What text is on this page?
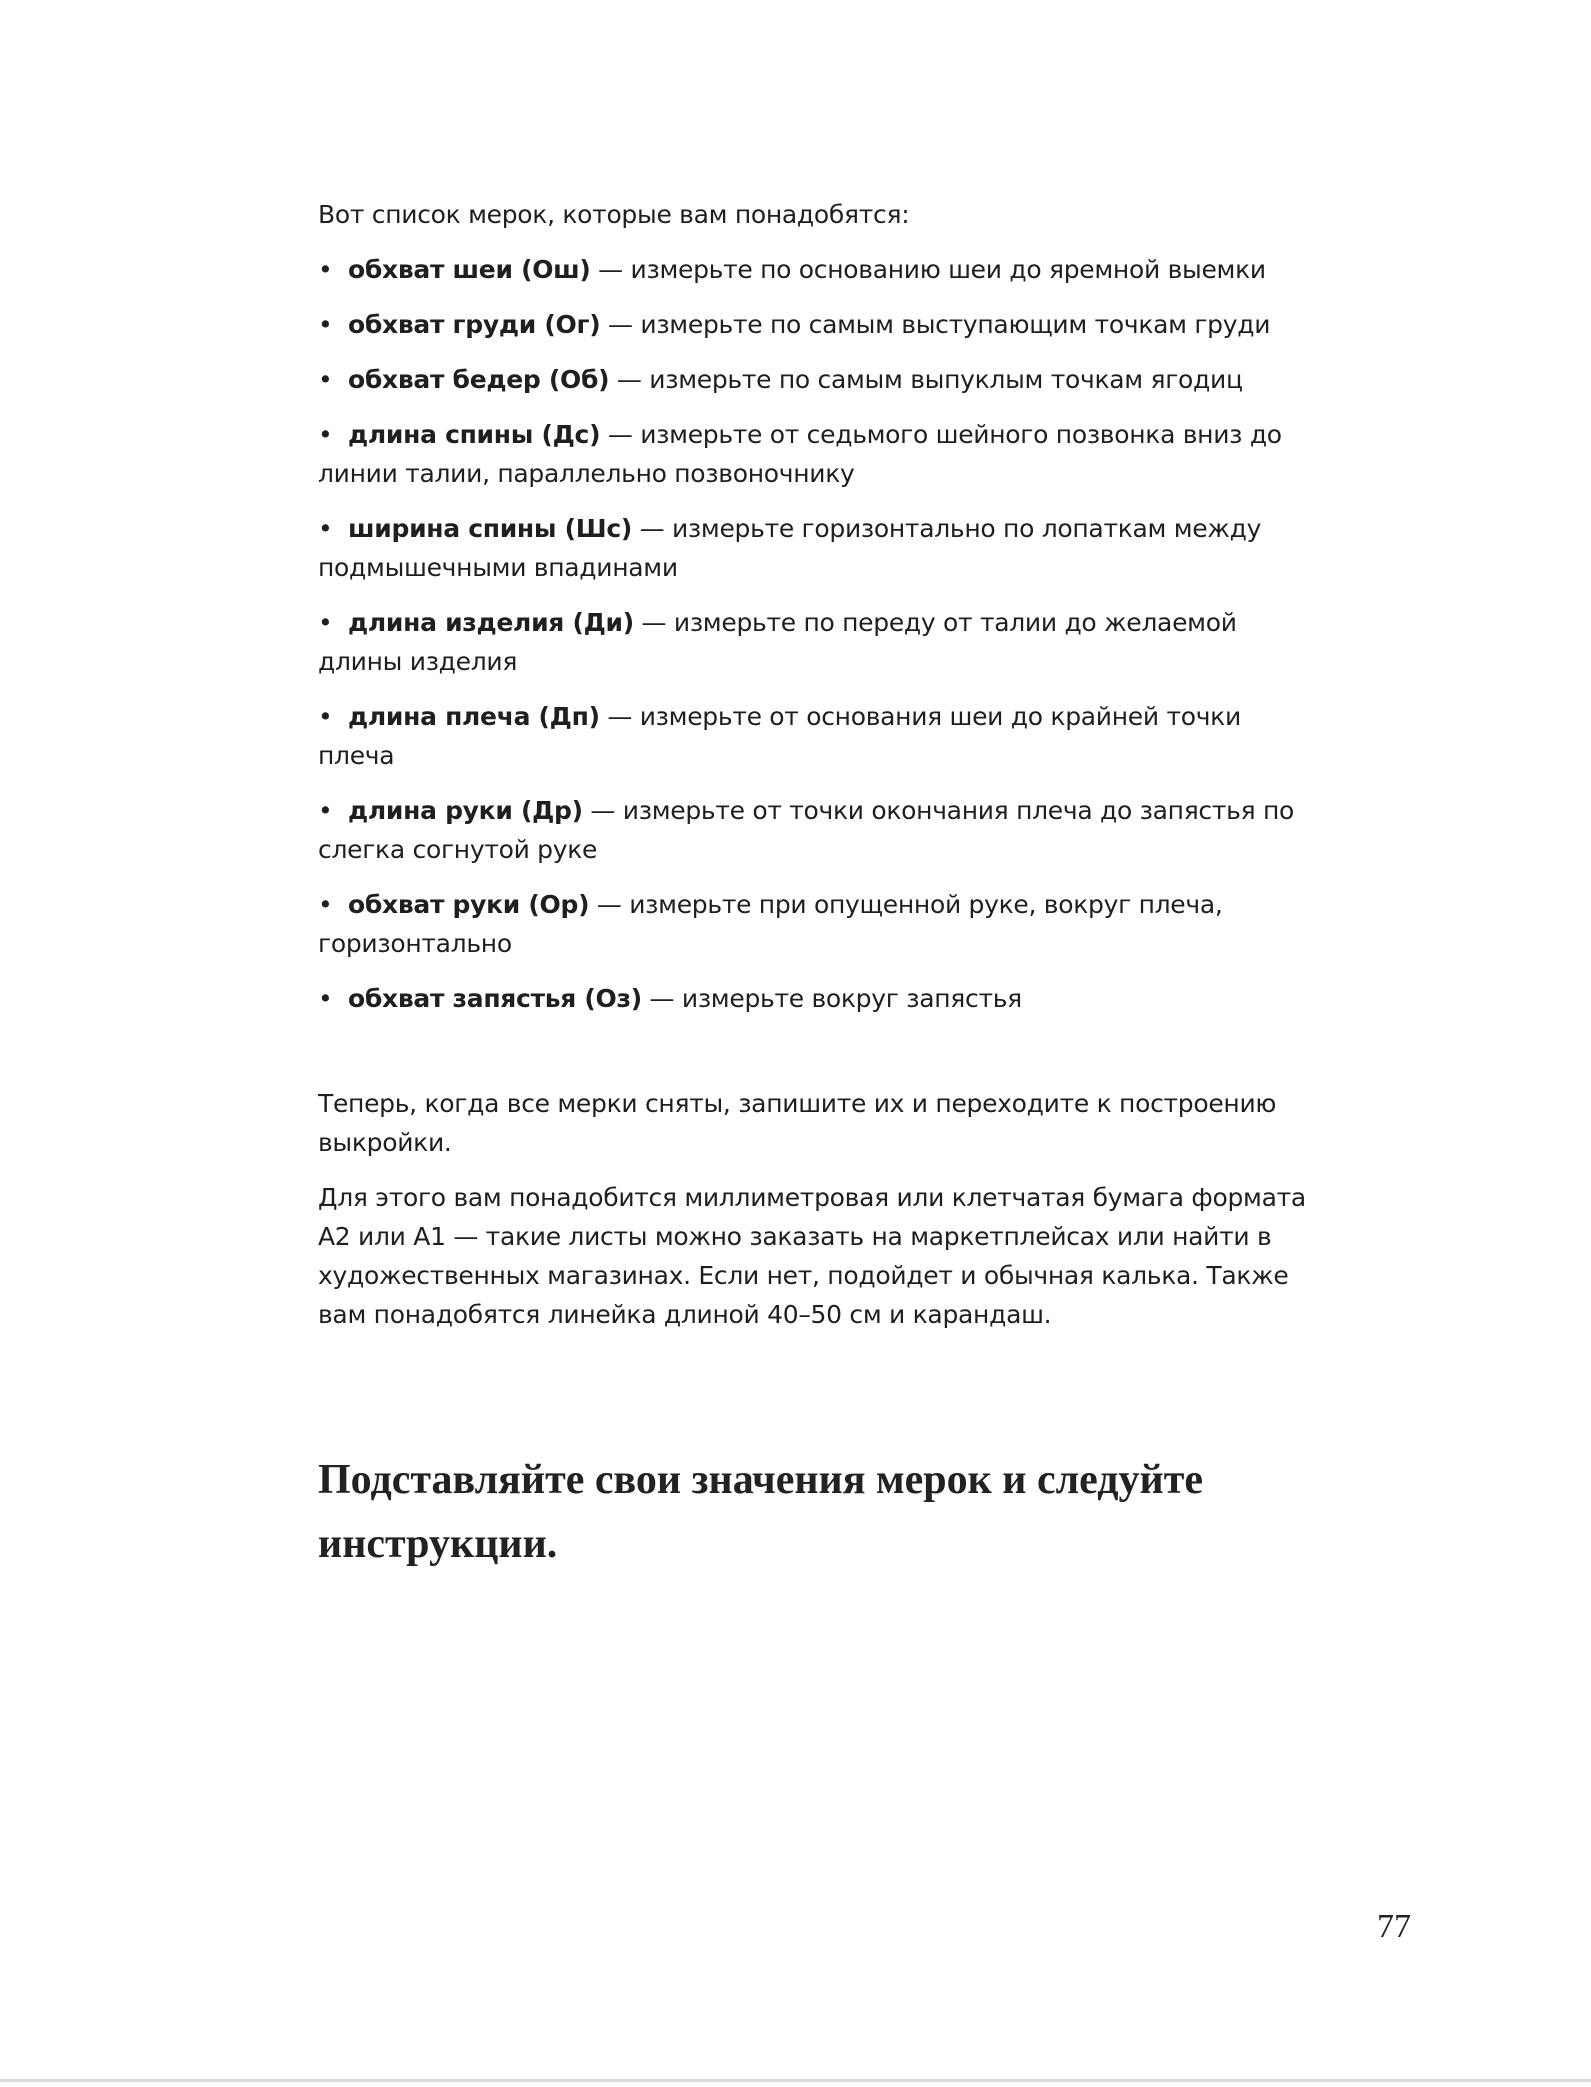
Вот список мерок, которые вам понадобятся:

• обхват шеи (Ош) — измерьте по основанию шеи до яремной выемки
• обхват груди (Ог) — измерьте по самым выступающим точкам груди
• обхват бедер (Об) — измерьте по самым выпуклым точкам ягодиц
• длина спины (Дс) — измерьте от седьмого шейного позвонка вниз до линии талии, параллельно позвоночнику
• ширина спины (Шс) — измерьте горизонтально по лопаткам между подмышечными впадинами
• длина изделия (Ди) — измерьте по переду от талии до желаемой длины изделия
• длина плеча (Дп) — измерьте от основания шеи до крайней точки плеча
• длина руки (Др) — измерьте от точки окончания плеча до запястья по слегка согнутой руке
• обхват руки (Ор) — измерьте при опущенной руке, вокруг плеча, горизонтально
• обхват запястья (Оз) — измерьте вокруг запястья

Теперь, когда все мерки сняты, запишите их и переходите к построению выкройки.

Для этого вам понадобится миллиметровая или клетчатая бумага формата А2 или А1 — такие листы можно заказать на маркетплейсах или найти в художественных магазинах. Если нет, подойдет и обычная калька. Также вам понадобятся линейка длиной 40–50 см и карандаш.

Подставляйте свои значения мерок и следуйте инструкции.
77
